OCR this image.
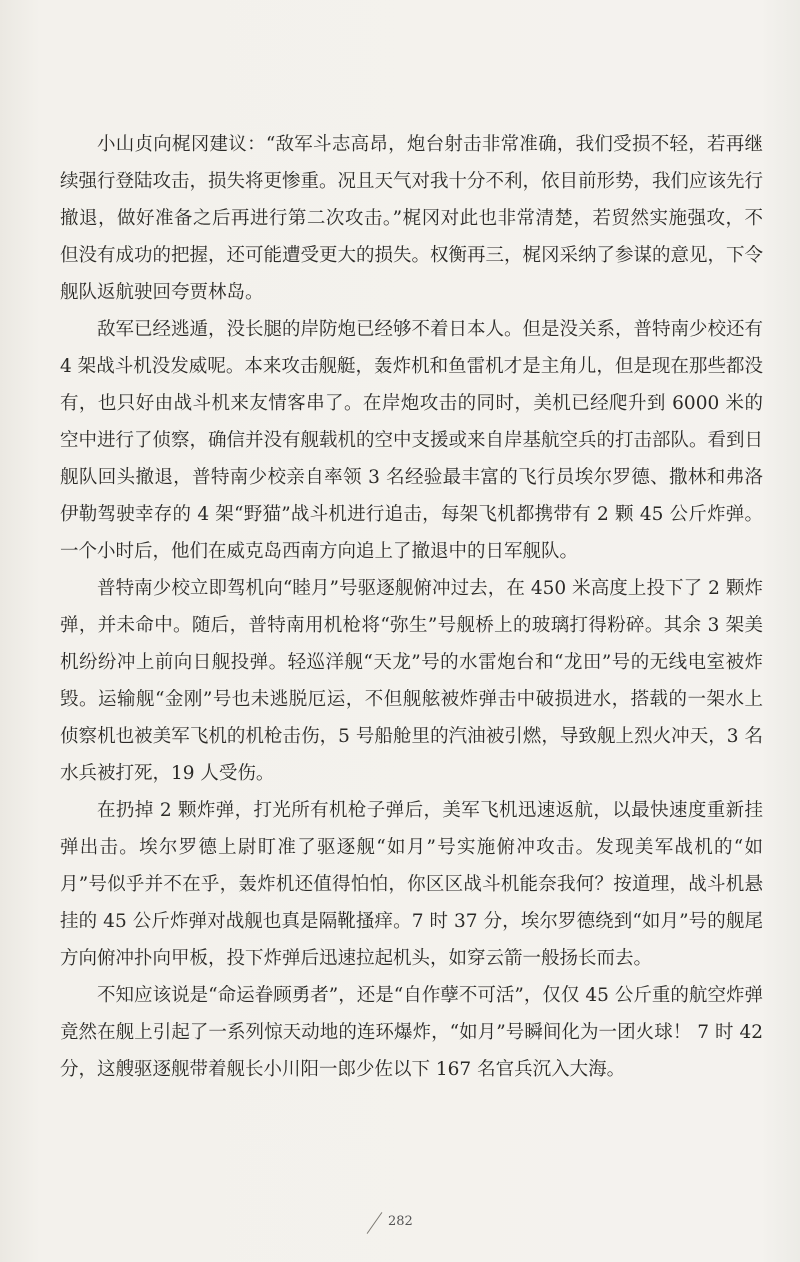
小山贞向梶冈建议：“敌军斗志高昂，炮台射击非常准确，我们受损不轻，若再继续强行登陆攻击，损失将更惨重。况且天气对我十分不利，依目前形势，我们应该先行撤退，做好准备之后再进行第二次攻击。”梶冈对此也非常清楚，若贸然实施强攻，不但没有成功的把握，还可能遭受更大的损失。权衡再三，梶冈采纳了参谋的意见，下令舰队返航驶回夸贾林岛。

敌军已经逃遁，没长腿的岸防炮已经够不着日本人。但是没关系，普特南少校还有 4 架战斗机没发威呢。本来攻击舰艇，轰炸机和鱼雷机才是主角儿，但是现在那些都没有，也只好由战斗机来友情客串了。在岸炮攻击的同时，美机已经爬升到 6000 米的空中进行了侦察，确信并没有舰载机的空中支援或来自岸基航空兵的打击部队。看到日舰队回头撤退，普特南少校亲自率领 3 名经验最丰富的飞行员埃尔罗德、撒林和弗洛伊勒驾驶幸存的 4 架“野猫”战斗机进行追击，每架飞机都携带有 2 颗 45 公斤炸弹。一个小时后，他们在威克岛西南方向追上了撤退中的日军舰队。

普特南少校立即驾机向“睦月”号驱逐舰俯冲过去，在 450 米高度上投下了 2 颗炸弹，并未命中。随后，普特南用机枪将“弥生”号舰桥上的玻璃打得粉碎。其余 3 架美机纷纷冲上前向日舰投弹。轻巡洋舰“天龙”号的水雷炮台和“龙田”号的无线电室被炸毁。运输舰“金刚”号也未逃脱厄运，不但舰舷被炸弹击中破损进水，搭载的一架水上侦察机也被美军飞机的机枪击伤，5 号船舱里的汽油被引燃，导致舰上烈火冲天，3 名水兵被打死，19 人受伤。

在扔掉 2 颗炸弹，打光所有机枪子弹后，美军飞机迅速返航，以最快速度重新挂弹出击。埃尔罗德上尉盯准了驱逐舰“如月”号实施俯冲攻击。发现美军战机的“如月”号似乎并不在乎，轰炸机还值得怕怕，你区区战斗机能奈我何？按道理，战斗机悬挂的 45 公斤炸弹对战舰也真是隔靴搔痒。7 时 37 分，埃尔罗德绕到“如月”号的舰尾方向俯冲扑向甲板，投下炸弹后迅速拉起机头，如穿云箭一般扬长而去。

不知应该说是“命运眷顾勇者”，还是“自作孽不可活”，仅仅 45 公斤重的航空炸弹竟然在舰上引起了一系列惊天动地的连环爆炸，“如月”号瞬间化为一团火球！ 7 时 42 分，这艘驱逐舰带着舰长小川阳一郎少佐以下 167 名官兵沉入大海。

282
